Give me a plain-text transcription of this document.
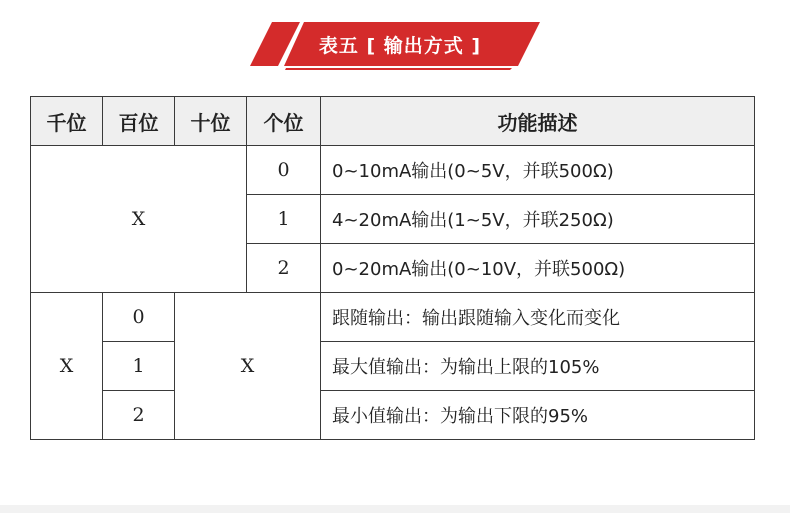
表五 [ 输出方式 ]
千位	百位	十位	个位	功能描述
X			0	0~10mA输出(0~5V，并联500Ω)
			1	4~20mA输出(1~5V，并联250Ω)
			2	0~20mA输出(0~10V，并联500Ω)
X	0	X		跟随输出：输出跟随输入变化而变化
	1			最大值输出：为输出上限的105%
	2			最小值输出：为输出下限的95%
